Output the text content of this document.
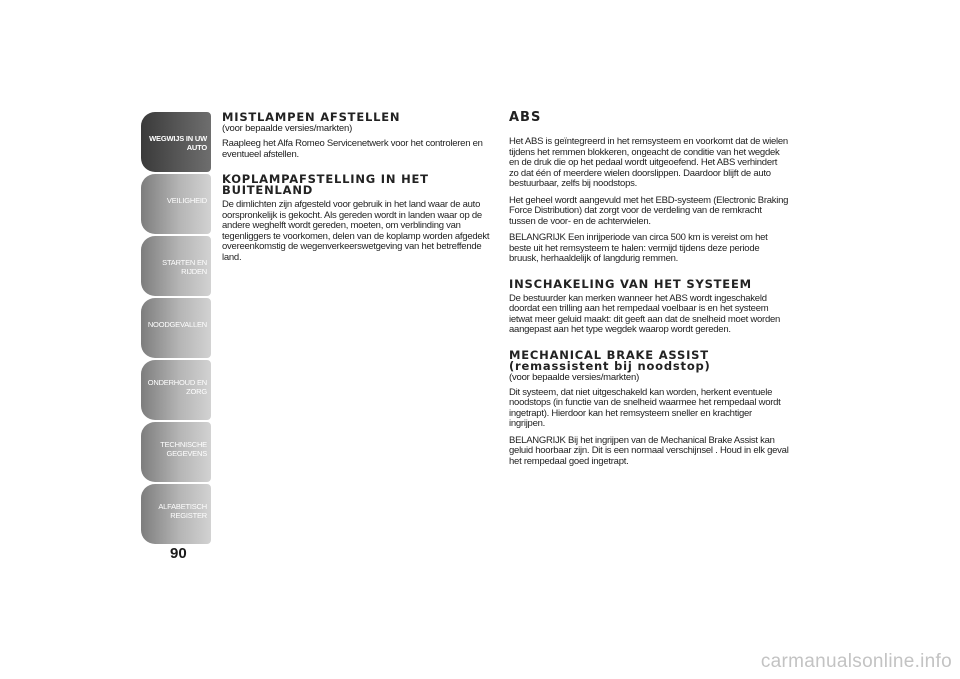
WEGWIJS IN UW
AUTO
VEILIGHEID
STARTEN EN RIJDEN
NOODGEVALLEN
ONDERHOUD EN
ZORG
TECHNISCHE
GEGEVENS
ALFABETISCH
REGISTER
90
MISTLAMPEN AFSTELLEN
(voor bepaalde versies/markten)

Raapleeg het Alfa Romeo Servicenetwerk voor het controleren en eventueel afstellen.

KOPLAMPAFSTELLING IN HET
BUITENLAND

De dimlichten zijn afgesteld voor gebruik in het land waar de auto oorspronkelijk is gekocht. Als gereden wordt in landen waar op de andere weghelft wordt gereden, moeten, om verblinding van tegenliggers te voorkomen, delen van de koplamp worden afgedekt overeenkomstig de wegenverkeerswetgeving van het betreffende land.

ABS

Het ABS is geïntegreerd in het remsysteem en voorkomt dat de wielen tijdens het remmen blokkeren, ongeacht de conditie van het wegdek en de druk die op het pedaal wordt uitgeoefend. Het ABS verhindert zo dat één of meerdere wielen doorslippen. Daardoor blijft de auto bestuurbaar, zelfs bij noodstops.

Het geheel wordt aangevuld met het EBD-systeem (Electronic Braking Force Distribution) dat zorgt voor de verdeling van de remkracht tussen de voor- en de achterwielen.

BELANGRIJK Een inrijperiode van circa 500 km is vereist om het beste uit het remsysteem te halen: vermijd tijdens deze periode bruusk, herhaaldelijk of langdurig remmen.

INSCHAKELING VAN HET SYSTEEM

De bestuurder kan merken wanneer het ABS wordt ingeschakeld doordat een trilling aan het rempedaal voelbaar is en het systeem ietwat meer geluid maakt: dit geeft aan dat de snelheid moet worden aangepast aan het type wegdek waarop wordt gereden.

MECHANICAL BRAKE ASSIST
(remassistent bij noodstop)
(voor bepaalde versies/markten)

Dit systeem, dat niet uitgeschakeld kan worden, herkent eventuele noodstops (in functie van de snelheid waarmee het rempedaal wordt ingetrapt). Hierdoor kan het remsysteem sneller en krachtiger ingrijpen.

BELANGRIJK Bij het ingrijpen van de Mechanical Brake Assist kan geluid hoorbaar zijn. Dit is een normaal verschijnsel . Houd in elk geval het rempedaal goed ingetrapt.

carmanualsonline.info
